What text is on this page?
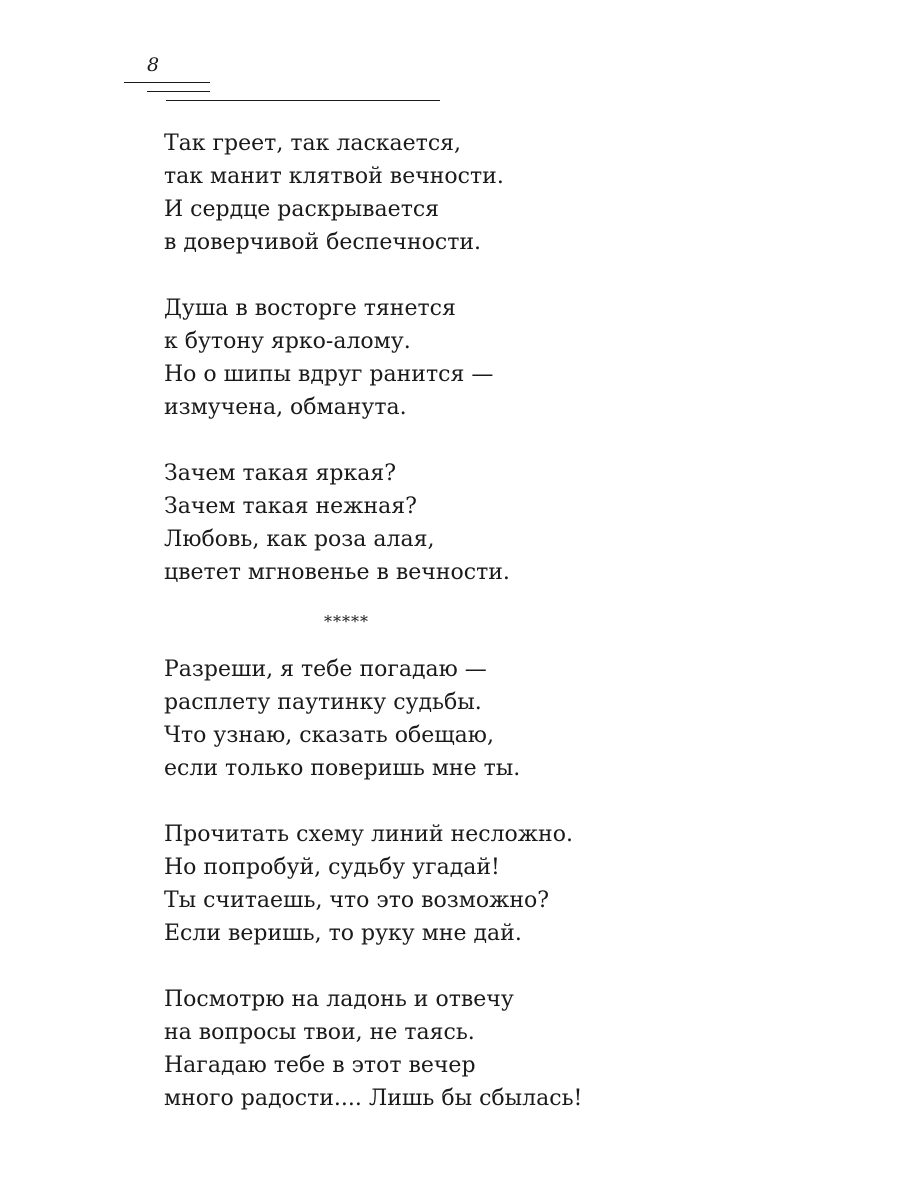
8
Так греет, так ласкается,
так манит клятвой вечности.
И сердце раскрывается
в доверчивой беспечности.
Душа в восторге тянется
к бутону ярко-алому.
Но о шипы вдруг ранится —
измучена, обманута.
Зачем такая яркая?
Зачем такая нежная?
Любовь, как роза алая,
цветет мгновенье в вечности.
*****
Разреши, я тебе погадаю —
расплету паутинку судьбы.
Что узнаю, сказать обещаю,
если только поверишь мне ты.
Прочитать схему линий несложно.
Но попробуй, судьбу угадай!
Ты считаешь, что это возможно?
Если веришь, то руку мне дай.
Посмотрю на ладонь и отвечу
на вопросы твои, не таясь.
Нагадаю тебе в этот вечер
много радости.... Лишь бы сбылась!
